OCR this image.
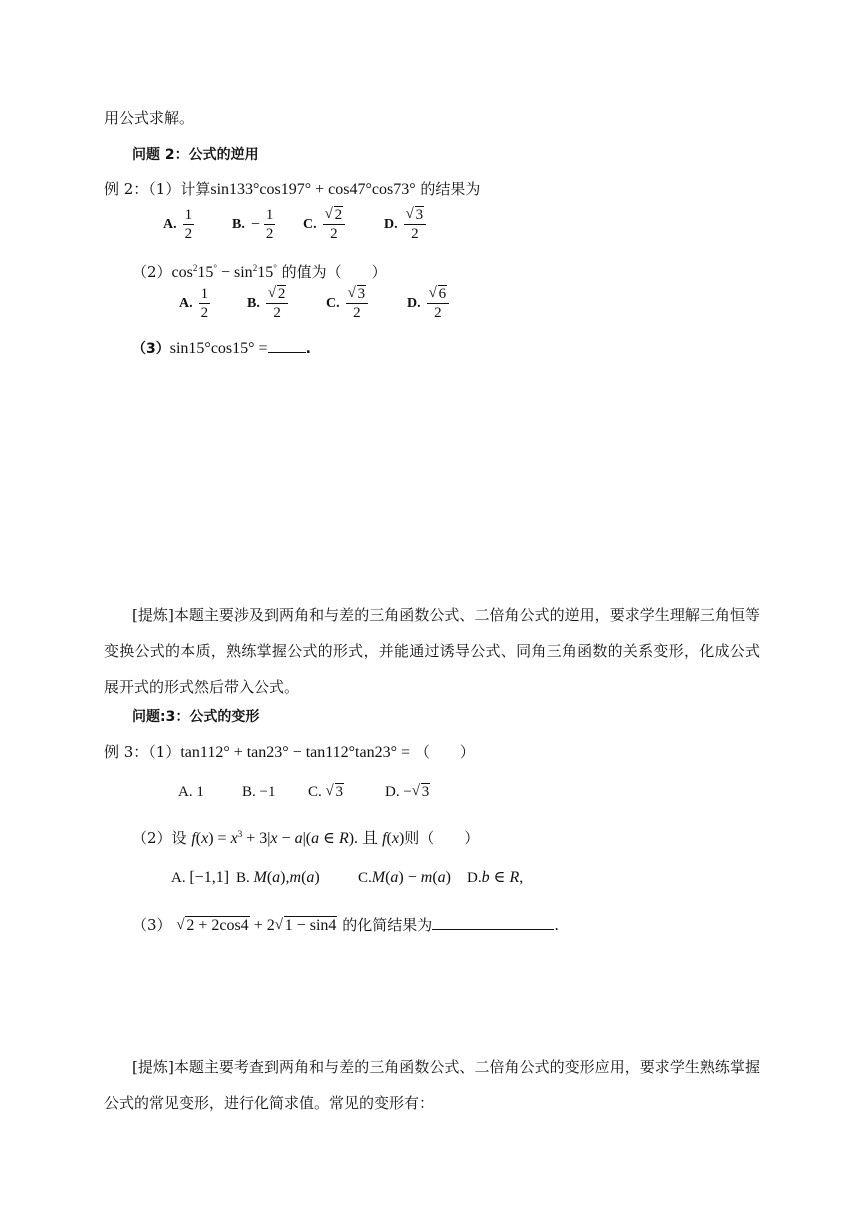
用公式求解。
问题 2：公式的逆用
例 2：（1）计算sin133°cos197° + cos47°cos73° 的结果为
A. $\frac{1}{2}$	B. − $\frac{1}{2} C$. √ $\frac{2}{2}$	D. √ $\frac{3}{2}$
$(2)\cos^215^\circ - \sin^215^\circ$ 的值为（　　）
A. $\frac{1}{2}$	B. √ $\frac{2}{2}$	C. √ $\frac{3}{2}$	D. √ $\frac{6}{2}$
（3）sin15°cos15° =	.
[提炼]本题主要涉及到两角和与差的三角函数公式、二倍角公式的逆用，要求学生理解三角恒等变换公式的本质，熟练掌握公式的形式，并能通过诱导公式、同角三角函数的关系变形，化成公式展开式的形式然后带入公式。
问题:3：公式的变形
例 3：（1）tan112° + tan23° − tan112°tan23° = （　　）
A. 1	B. −1 C. √ 3	D. − √ 3
（2）设 $f(x) = x^3 + 3|x - a|(a$ ∈ R). 且 f(x)则（　　）
A. [−1,1] B. M(a),m(a)	C.M(a) − m(a) D.b ∈ R,
（3） √ 2 + 2cos4 + 2 √ 1 − sin4 的化简结果为	.
[提炼]本题主要考查到两角和与差的三角函数公式、二倍角公式的变形应用，要求学生熟练掌握公式的常见变形，进行化简求值。常见的变形有：
